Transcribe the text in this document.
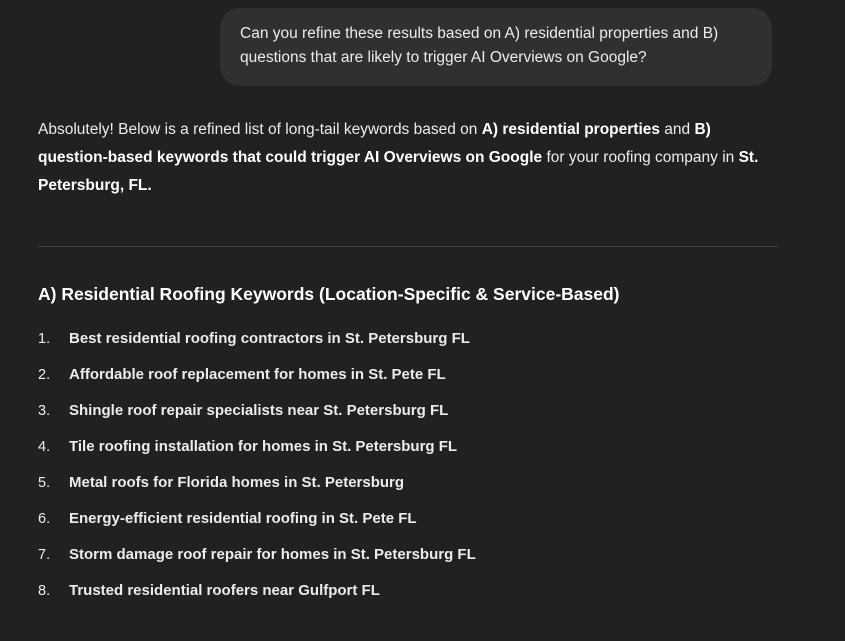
Can you refine these results based on A) residential properties and B) questions that are likely to trigger AI Overviews on Google?

Absolutely! Below is a refined list of long-tail keywords based on A) residential properties and B) question-based keywords that could trigger AI Overviews on Google for your roofing company in St. Petersburg, FL.

A) Residential Roofing Keywords (Location-Specific & Service-Based)
1.	Best residential roofing contractors in St. Petersburg FL
2.	Affordable roof replacement for homes in St. Pete FL
3.	Shingle roof repair specialists near St. Petersburg FL
4.	Tile roofing installation for homes in St. Petersburg FL
5.	Metal roofs for Florida homes in St. Petersburg
6.	Energy-efficient residential roofing in St. Pete FL
7.	Storm damage roof repair for homes in St. Petersburg FL
8.	Trusted residential roofers near Gulfport FL
